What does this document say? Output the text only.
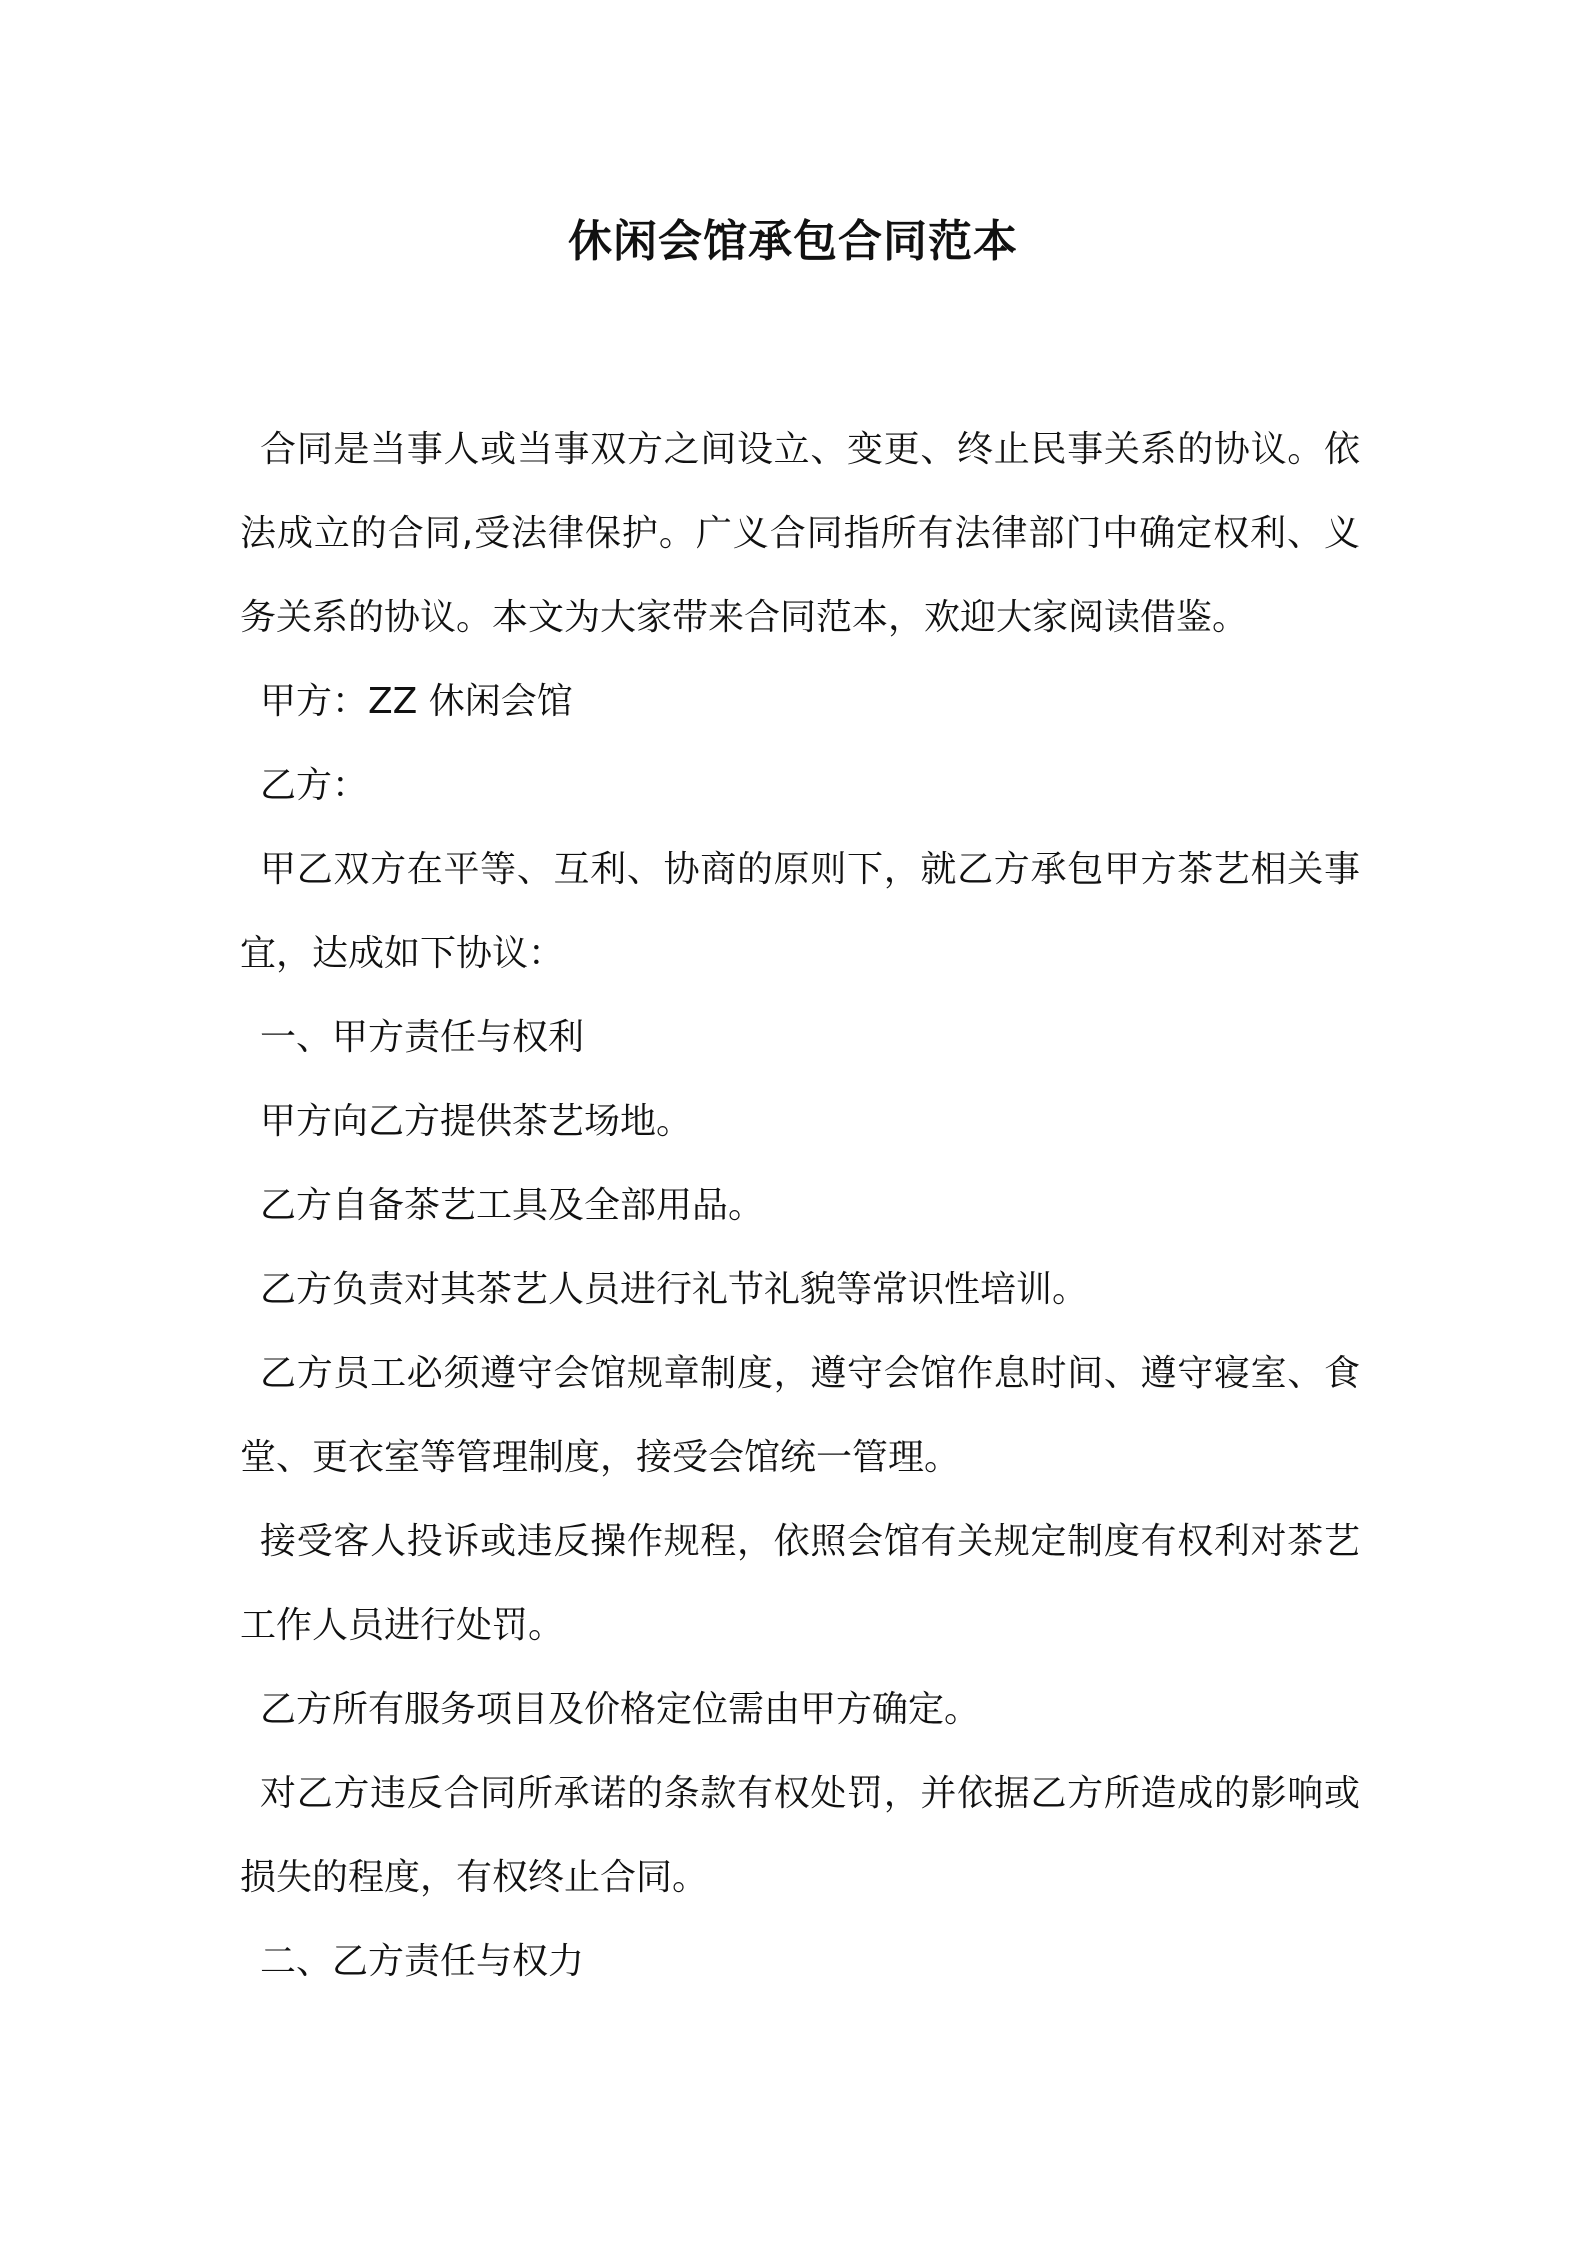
休闲会馆承包合同范本

合同是当事人或当事双方之间设立、变更、终止民事关系的协议。依法成立的合同,受法律保护。广义合同指所有法律部门中确定权利、义务关系的协议。本文为大家带来合同范本，欢迎大家阅读借鉴。

甲方：ZZ 休闲会馆

乙方：

甲乙双方在平等、互利、协商的原则下，就乙方承包甲方茶艺相关事宜，达成如下协议：

一、甲方责任与权利

甲方向乙方提供茶艺场地。

乙方自备茶艺工具及全部用品。

乙方负责对其茶艺人员进行礼节礼貌等常识性培训。

乙方员工必须遵守会馆规章制度，遵守会馆作息时间、遵守寝室、食堂、更衣室等管理制度，接受会馆统一管理。

接受客人投诉或违反操作规程，依照会馆有关规定制度有权利对茶艺工作人员进行处罚。

乙方所有服务项目及价格定位需由甲方确定。

对乙方违反合同所承诺的条款有权处罚，并依据乙方所造成的影响或损失的程度，有权终止合同。

二、乙方责任与权力
